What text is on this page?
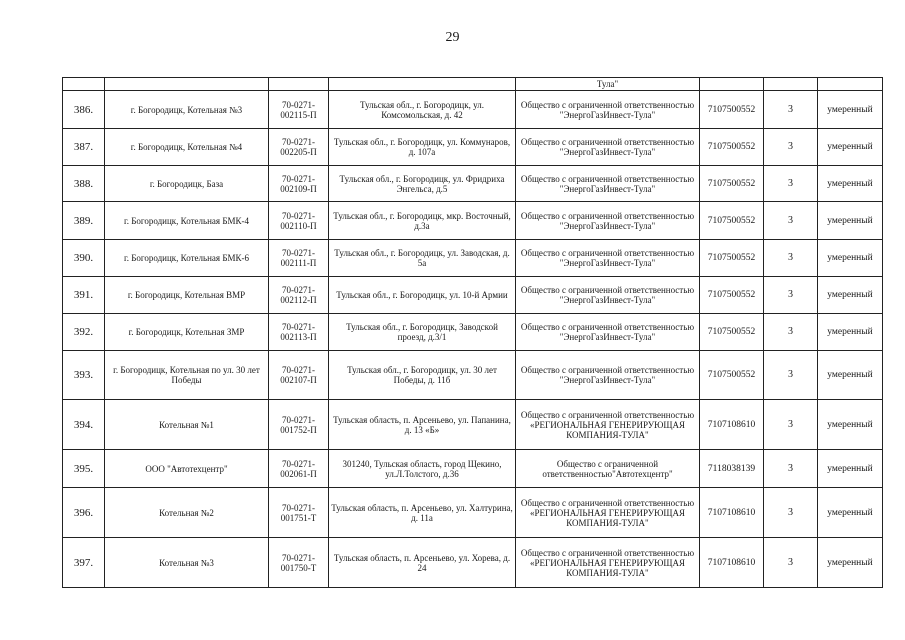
29
				Тула"			
386.	г. Богородицк, Котельная №3	70-0271-002115-П	Тульская обл., г. Богородицк, ул. Комсомольская, д. 42	Общество с ограниченной ответственностью "ЭнергоГазИнвест-Тула"	7107500552	3	умеренный
387.	г. Богородицк, Котельная №4	70-0271-002205-П	Тульская обл., г. Богородицк, ул. Коммунаров, д. 107а	Общество с ограниченной ответственностью "ЭнергоГазИнвест-Тула"	7107500552	3	умеренный
388.	г. Богородицк, База	70-0271-002109-П	Тульская обл., г. Богородицк, ул. Фридриха Энгельса, д.5	Общество с ограниченной ответственностью "ЭнергоГазИнвест-Тула"	7107500552	3	умеренный
389.	г. Богородицк, Котельная БМК-4	70-0271-002110-П	Тульская обл., г. Богородицк, мкр. Восточный, д.3а	Общество с ограниченной ответственностью "ЭнергоГазИнвест-Тула"	7107500552	3	умеренный
390.	г. Богородицк, Котельная БМК-6	70-0271-002111-П	Тульская обл., г. Богородицк, ул. Заводская, д. 5а	Общество с ограниченной ответственностью "ЭнергоГазИнвест-Тула"	7107500552	3	умеренный
391.	г. Богородицк, Котельная ВМР	70-0271-002112-П	Тульская обл., г. Богородицк, ул. 10-й Армии	Общество с ограниченной ответственностью "ЭнергоГазИнвест-Тула"	7107500552	3	умеренный
392.	г. Богородицк, Котельная ЗМР	70-0271-002113-П	Тульская обл., г. Богородицк, Заводской проезд, д.3/1	Общество с ограниченной ответственностью "ЭнергоГазИнвест-Тула"	7107500552	3	умеренный
393.	г. Богородицк, Котельная по ул. 30 лет Победы	70-0271-002107-П	Тульская обл., г. Богородицк, ул. 30 лет Победы, д. 11б	Общество с ограниченной ответственностью "ЭнергоГазИнвест-Тула"	7107500552	3	умеренный
394.	Котельная №1	70-0271-001752-П	Тульская область, п. Арсеньево, ул. Папанина, д. 13 «Б»	Общество с ограниченной ответственностью «РЕГИОНАЛЬНАЯ ГЕНЕРИРУЮЩАЯ КОМПАНИЯ-ТУЛА"	7107108610	3	умеренный
395.	ООО "Автотехцентр"	70-0271-002061-П	301240, Тульская область, город Щекино, ул.Л.Толстого, д.36	Общество с ограниченной ответственностью"Автотехцентр"	7118038139	3	умеренный
396.	Котельная №2	70-0271-001751-Т	Тульская область, п. Арсеньево, ул. Халтурина, д. 11а	Общество с ограниченной ответственностью «РЕГИОНАЛЬНАЯ ГЕНЕРИРУЮЩАЯ КОМПАНИЯ-ТУЛА"	7107108610	3	умеренный
397.	Котельная №3	70-0271-001750-Т	Тульская область, п. Арсеньево, ул. Хорева, д. 24	Общество с ограниченной ответственностью «РЕГИОНАЛЬНАЯ ГЕНЕРИРУЮЩАЯ КОМПАНИЯ-ТУЛА"	7107108610	3	умеренный
